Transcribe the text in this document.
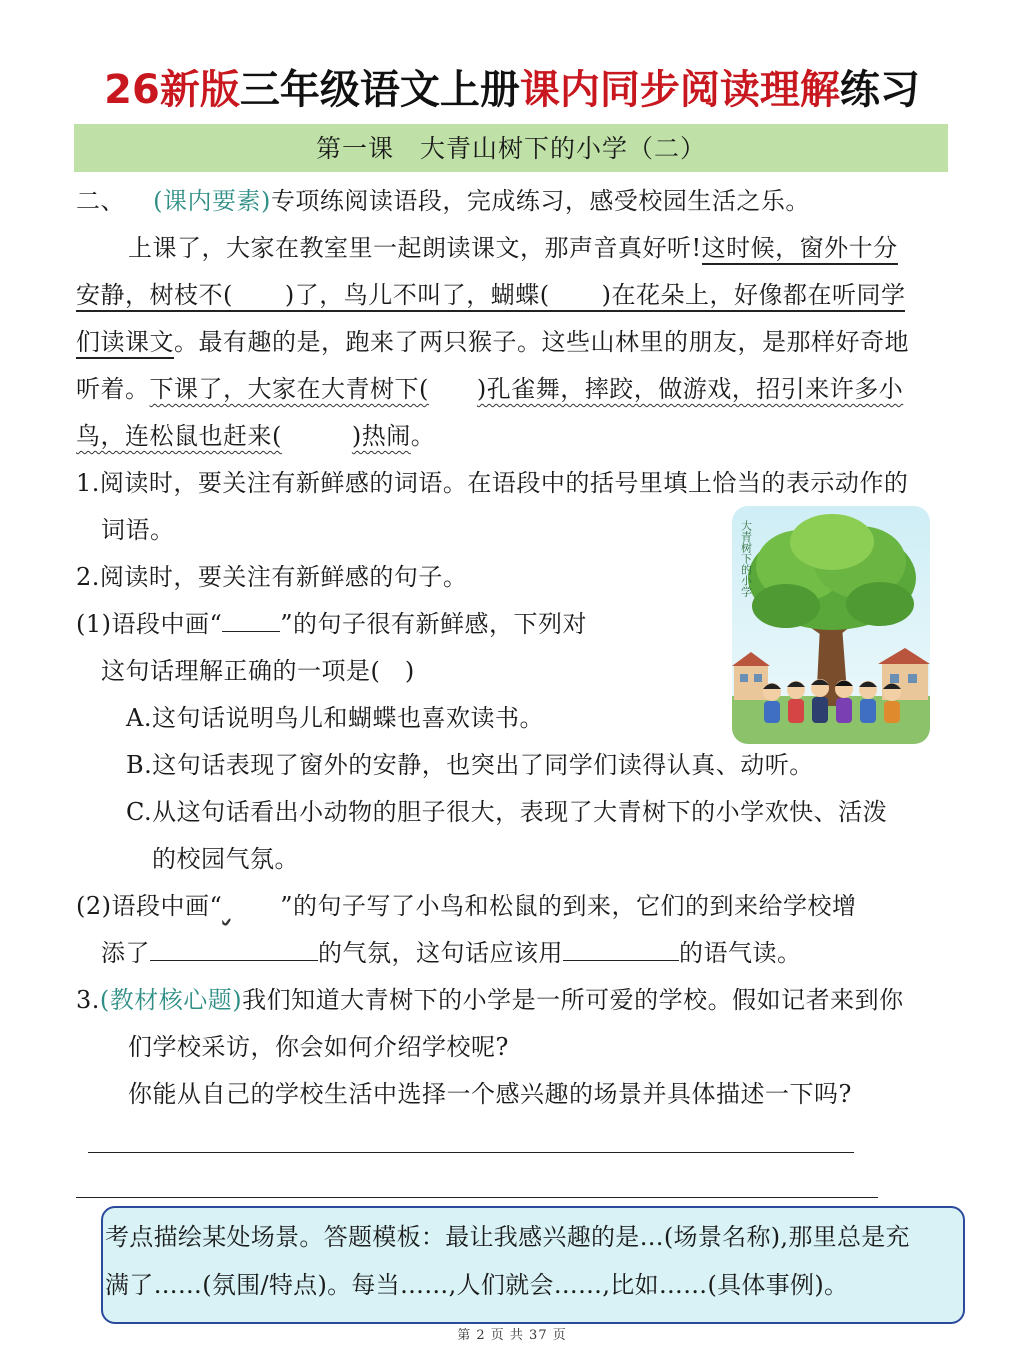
26新版三年级语文上册课内同步阅读理解练习
第一课　大青山树下的小学（二）
二、 (课内要素)专项练阅读语段，完成练习，感受校园生活之乐。
上课了，大家在教室里一起朗读课文，那声音真好听!这时候，窗外十分
安静，树枝不( )了，鸟儿不叫了，蝴蝶( )在花朵上，好像都在听同学
们读课文。最有趣的是，跑来了两只猴子。这些山林里的朋友，是那样好奇地
听着。下课了，大家在大青树下( )孔雀舞，摔跤，做游戏，招引来许多小
鸟，连松鼠也赶来(	)热闹。
1.阅读时，要关注有新鲜感的词语。在语段中的括号里填上恰当的表示动作的
词语。
2.阅读时，要关注有新鲜感的句子。
(1)语段中画“ ”的句子很有新鲜感，下列对
这句话理解正确的一项是(　)
A.这句话说明鸟儿和蝴蝶也喜欢读书。
B.这句话表现了窗外的安静，也突出了同学们读得认真、动听。
C.从这句话看出小动物的胆子很大，表现了大青树下的小学欢快、活泼
的校园气氛。
(2)语段中画“ ”的句子写了小鸟和松鼠的到来，它们的到来给学校增
添了	的气氛，这句话应该用	的语气读。
3.(教材核心题)我们知道大青树下的小学是一所可爱的学校。假如记者来到你
们学校采访，你会如何介绍学校呢?
你能从自己的学校生活中选择一个感兴趣的场景并具体描述一下吗?
考点描绘某处场景。答题模板：最让我感兴趣的是…(场景名称),那里总是充
满了……(氛围/特点)。每当……,人们就会……,比如……(具体事例)。
大青树下的小学
第 2 页 共 37 页
